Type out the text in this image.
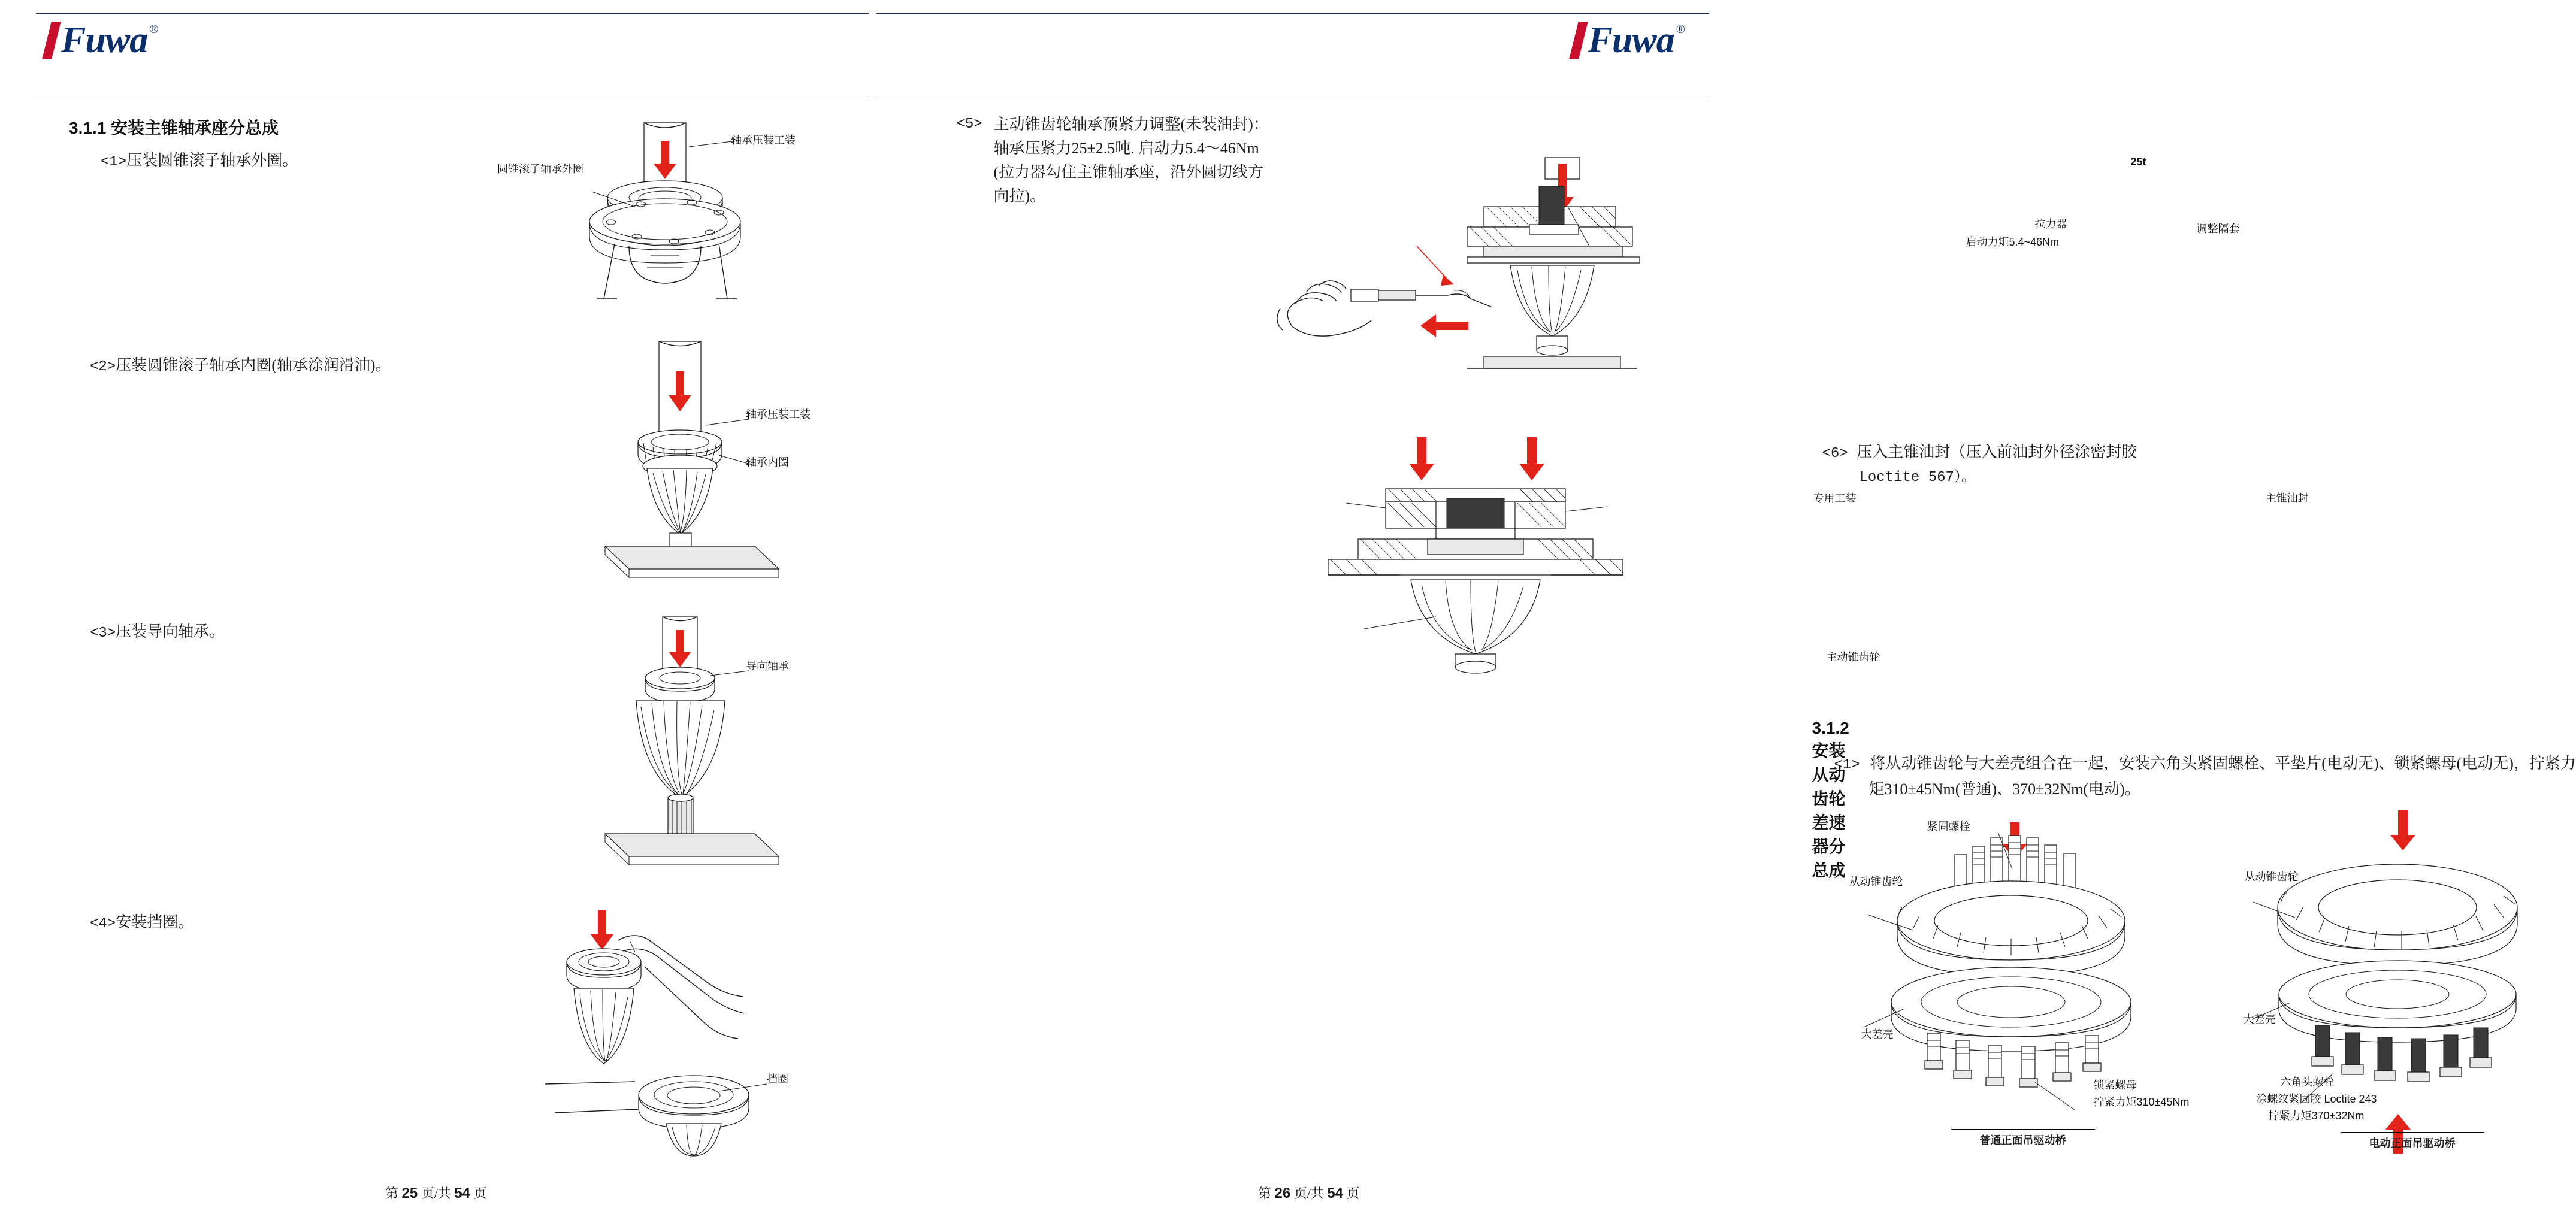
Fuwa ®
3.1.1 安装主锥轴承座分总成
<1>压装圆锥滚子轴承外圈。
<2>压装圆锥滚子轴承内圈(轴承涂润滑油)。
<3>压装导向轴承。
<4>安装挡圈。
轴承压装工装
圆锥滚子轴承外圈
轴承压装工装
轴承内圈
导向轴承
挡圈
第 25 页/共 54 页
Fuwa ®
<5> 主动锥齿轮轴承预紧力调整(未装油封)：
轴承压紧力25±2.5吨. 启动力5.4～46Nm
(拉力器勾住主锥轴承座，沿外圆切线方
向拉)。
25t
拉力器
启动力矩5.4~46Nm
调整隔套
<6> 压入主锥油封（压入前油封外径涂密封胶
Loctite 567）。
专用工装	主锥油封
主动锥齿轮
3.1.2 安装从动齿轮差速器分总成
<1> 将从动锥齿轮与大差壳组合在一起，安装六角头紧固螺栓、平垫片(电动无)、锁紧螺母(电动无)，拧紧力
矩310±45Nm(普通)、370±32Nm(电动)。
紧固螺栓
从动锥齿轮
大差壳
锁紧螺母
拧紧力矩310±45Nm
普通正面吊驱动桥
从动锥齿轮
大差壳
六角头螺栓
涂螺纹紧固胶 Loctite 243
拧紧力矩370±32Nm
电动正面吊驱动桥
第 26 页/共 54 页
